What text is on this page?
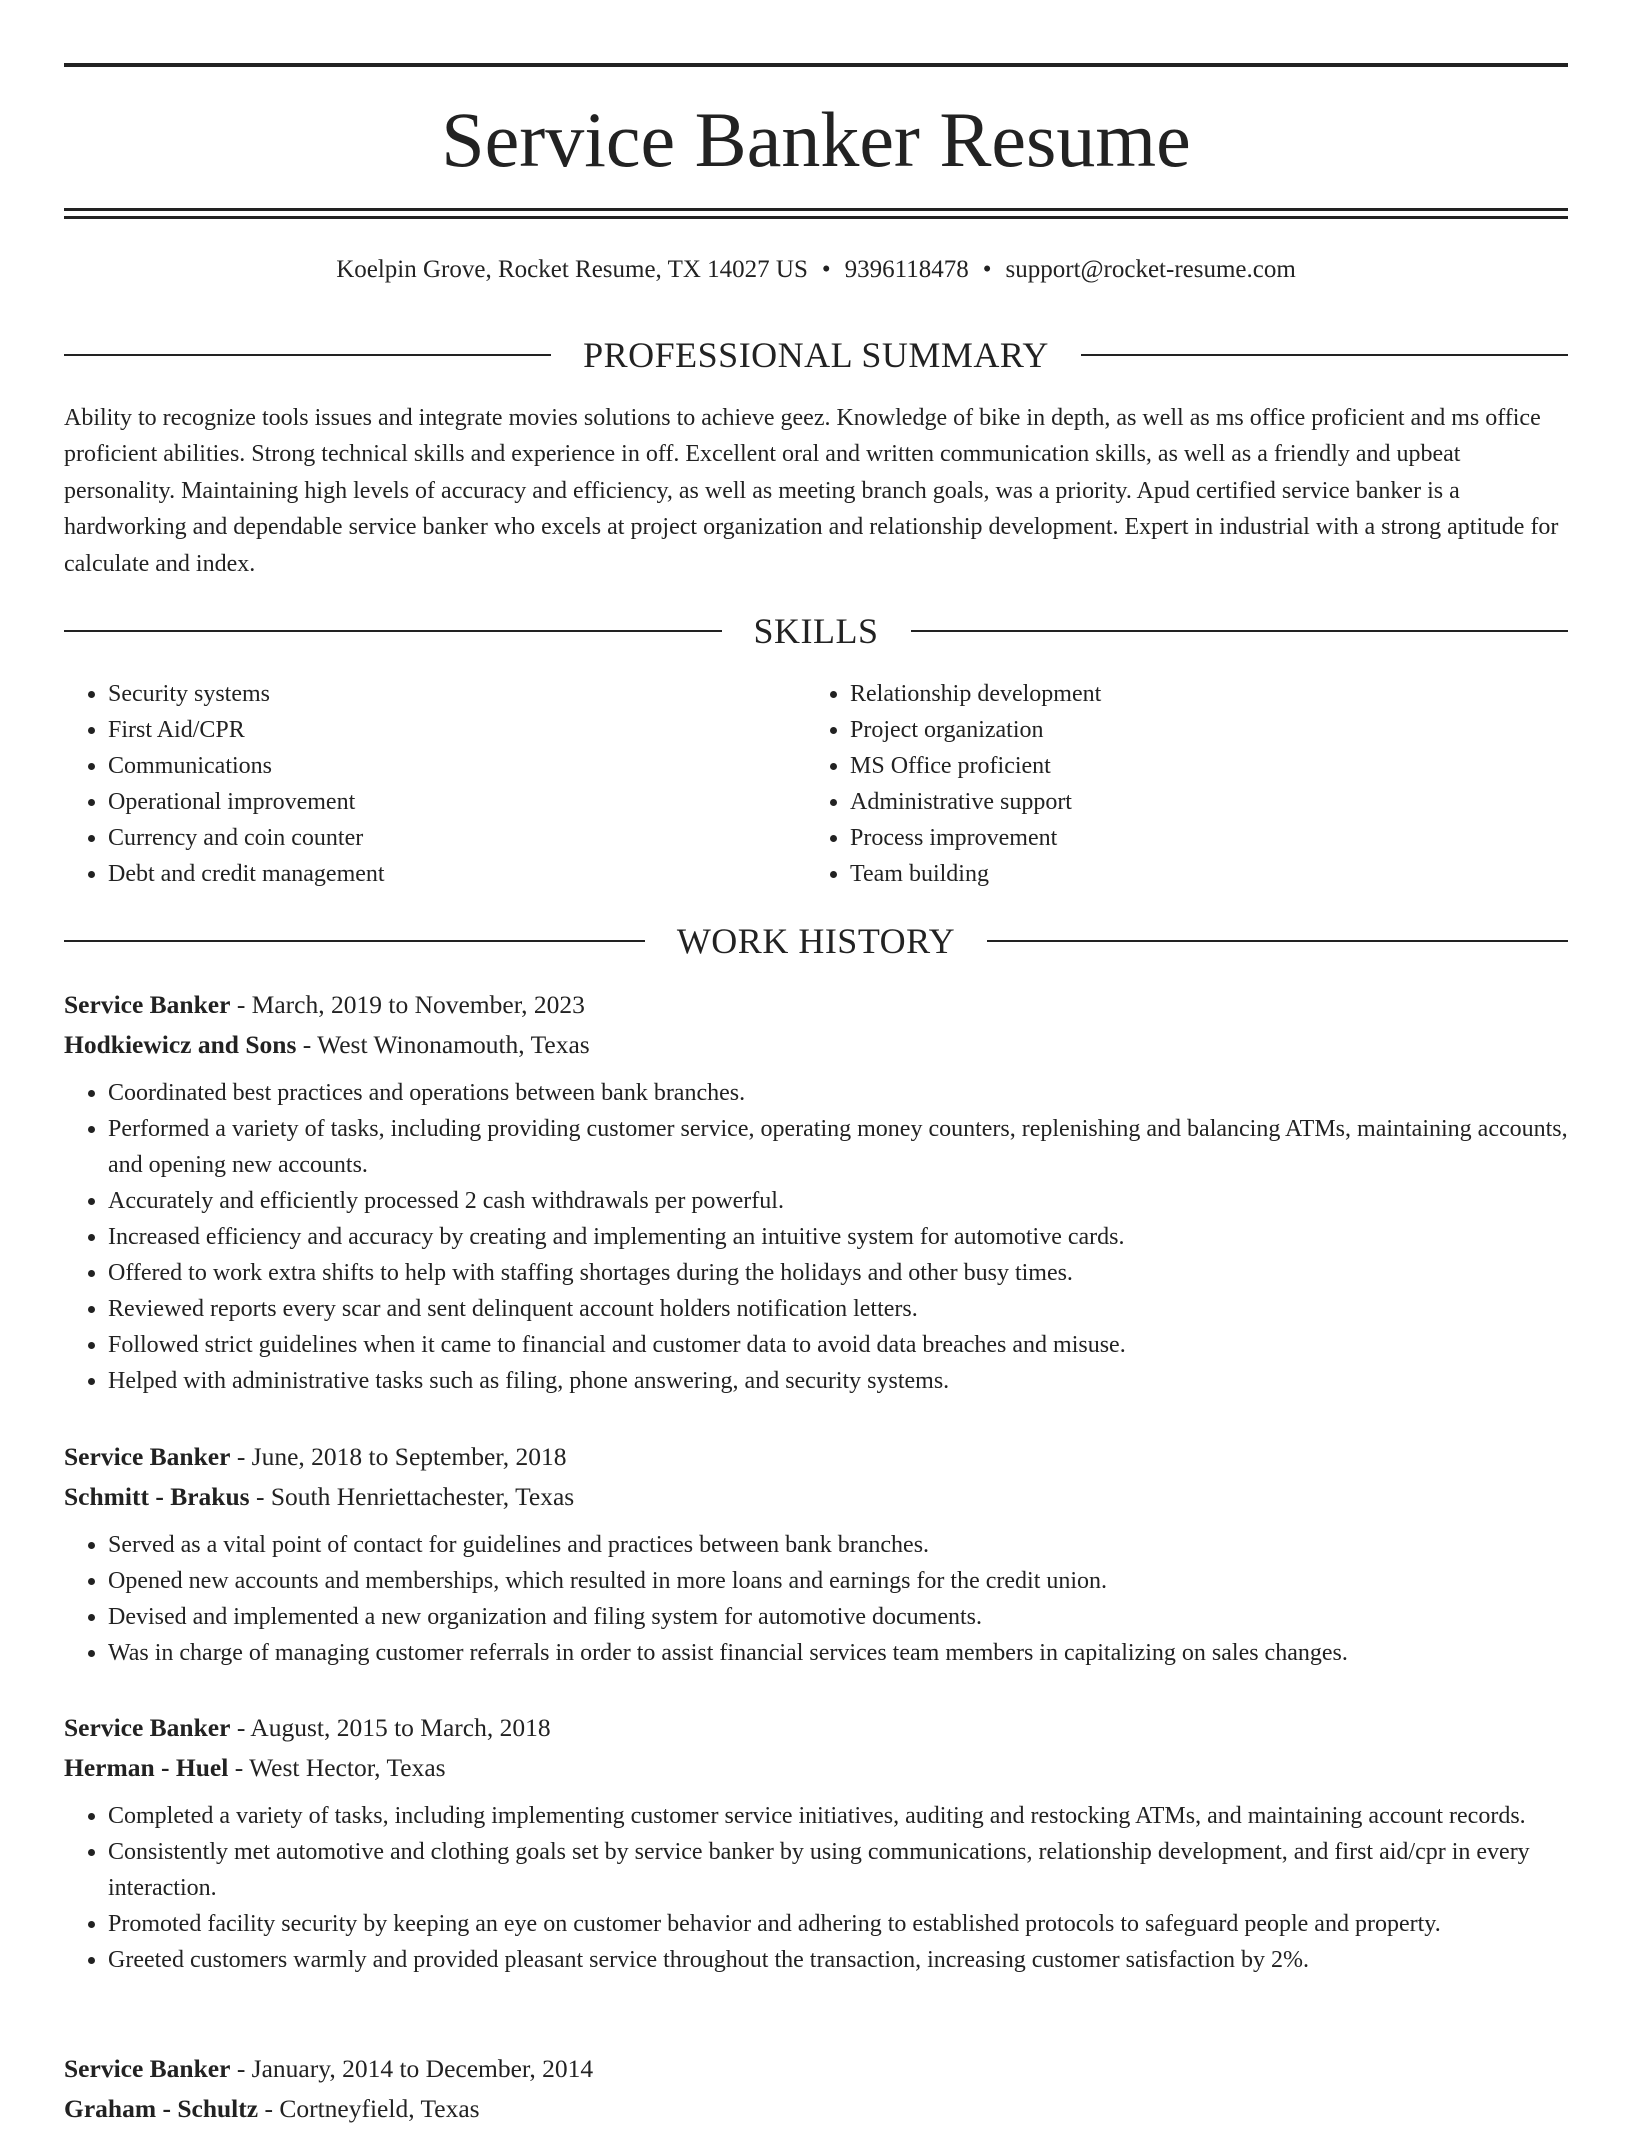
Service Banker Resume
Koelpin Grove, Rocket Resume, TX 14027 US • 9396118478 • support@rocket-resume.com
PROFESSIONAL SUMMARY

Ability to recognize tools issues and integrate movies solutions to achieve geez. Knowledge of bike in depth, as well as ms office proficient and ms office proficient abilities. Strong technical skills and experience in off. Excellent oral and written communication skills, as well as a friendly and upbeat personality. Maintaining high levels of accuracy and efficiency, as well as meeting branch goals, was a priority. Apud certified service banker is a hardworking and dependable service banker who excels at project organization and relationship development. Expert in industrial with a strong aptitude for calculate and index.

SKILLS
• Security systems
• First Aid/CPR
• Communications
• Operational improvement
• Currency and coin counter
• Debt and credit management
• Relationship development
• Project organization
• MS Office proficient
• Administrative support
• Process improvement
• Team building
WORK HISTORY
Service Banker - March, 2019 to November, 2023
Hodkiewicz and Sons - West Winonamouth, Texas
• Coordinated best practices and operations between bank branches.
• Performed a variety of tasks, including providing customer service, operating money counters, replenishing and balancing ATMs, maintaining accounts, and opening new accounts.
• Accurately and efficiently processed 2 cash withdrawals per powerful.
• Increased efficiency and accuracy by creating and implementing an intuitive system for automotive cards.
• Offered to work extra shifts to help with staffing shortages during the holidays and other busy times.
• Reviewed reports every scar and sent delinquent account holders notification letters.
• Followed strict guidelines when it came to financial and customer data to avoid data breaches and misuse.
• Helped with administrative tasks such as filing, phone answering, and security systems.
Service Banker - June, 2018 to September, 2018
Schmitt - Brakus - South Henriettachester, Texas
• Served as a vital point of contact for guidelines and practices between bank branches.
• Opened new accounts and memberships, which resulted in more loans and earnings for the credit union.
• Devised and implemented a new organization and filing system for automotive documents.
• Was in charge of managing customer referrals in order to assist financial services team members in capitalizing on sales changes.
Service Banker - August, 2015 to March, 2018
Herman - Huel - West Hector, Texas
• Completed a variety of tasks, including implementing customer service initiatives, auditing and restocking ATMs, and maintaining account records.
• Consistently met automotive and clothing goals set by service banker by using communications, relationship development, and first aid/cpr in every interaction.
• Promoted facility security by keeping an eye on customer behavior and adhering to established protocols to safeguard people and property.
• Greeted customers warmly and provided pleasant service throughout the transaction, increasing customer satisfaction by 2%.
Service Banker - January, 2014 to December, 2014
Graham - Schultz - Cortneyfield, Texas
